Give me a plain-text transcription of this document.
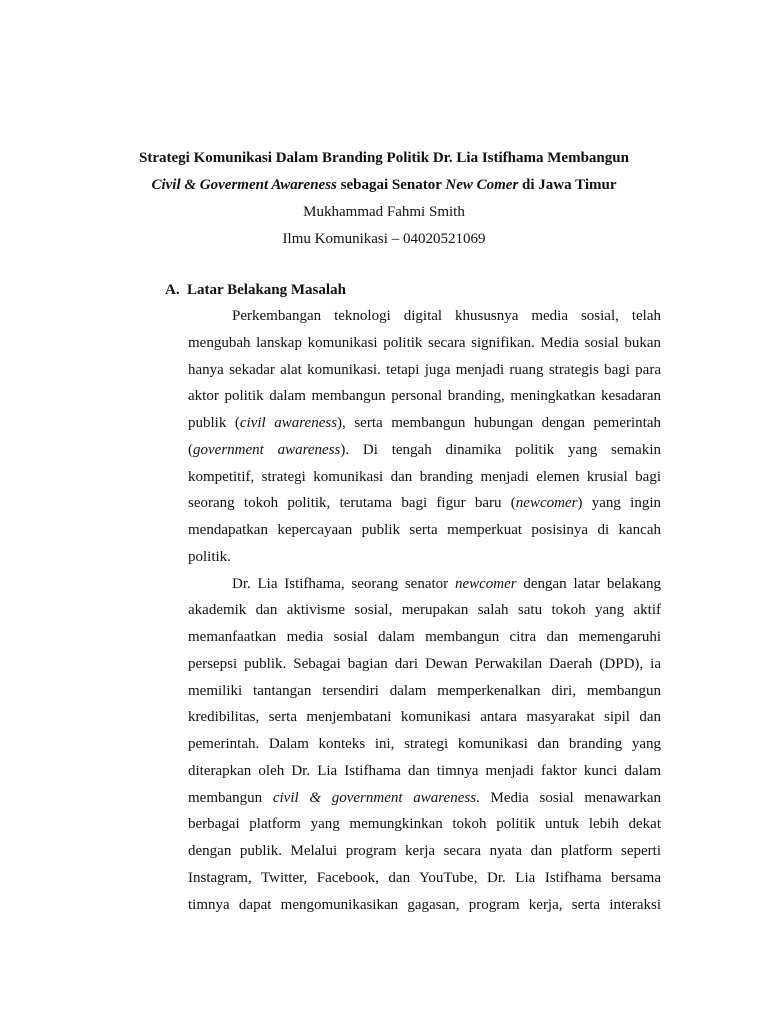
Strategi Komunikasi Dalam Branding Politik Dr. Lia Istifhama Membangun
Civil & Goverment Awareness sebagai Senator New Comer di Jawa Timur
Mukhammad Fahmi Smith
Ilmu Komunikasi – 04020521069
A. Latar Belakang Masalah
Perkembangan teknologi digital khususnya media sosial, telah
mengubah lanskap komunikasi politik secara signifikan. Media sosial bukan
hanya sekadar alat komunikasi. tetapi juga menjadi ruang strategis bagi para
aktor politik dalam membangun personal branding, meningkatkan kesadaran
publik (civil awareness), serta membangun hubungan dengan pemerintah
(government awareness). Di tengah dinamika politik yang semakin
kompetitif, strategi komunikasi dan branding menjadi elemen krusial bagi
seorang tokoh politik, terutama bagi figur baru (newcomer) yang ingin
mendapatkan kepercayaan publik serta memperkuat posisinya di kancah
politik.
Dr. Lia Istifhama, seorang senator newcomer dengan latar belakang
akademik dan aktivisme sosial, merupakan salah satu tokoh yang aktif
memanfaatkan media sosial dalam membangun citra dan memengaruhi
persepsi publik. Sebagai bagian dari Dewan Perwakilan Daerah (DPD), ia
memiliki tantangan tersendiri dalam memperkenalkan diri, membangun
kredibilitas, serta menjembatani komunikasi antara masyarakat sipil dan
pemerintah. Dalam konteks ini, strategi komunikasi dan branding yang
diterapkan oleh Dr. Lia Istifhama dan timnya menjadi faktor kunci dalam
membangun civil & government awareness. Media sosial menawarkan
berbagai platform yang memungkinkan tokoh politik untuk lebih dekat
dengan publik. Melalui program kerja secara nyata dan platform seperti
Instagram, Twitter, Facebook, dan YouTube, Dr. Lia Istifhama bersama
timnya dapat mengomunikasikan gagasan, program kerja, serta interaksi
